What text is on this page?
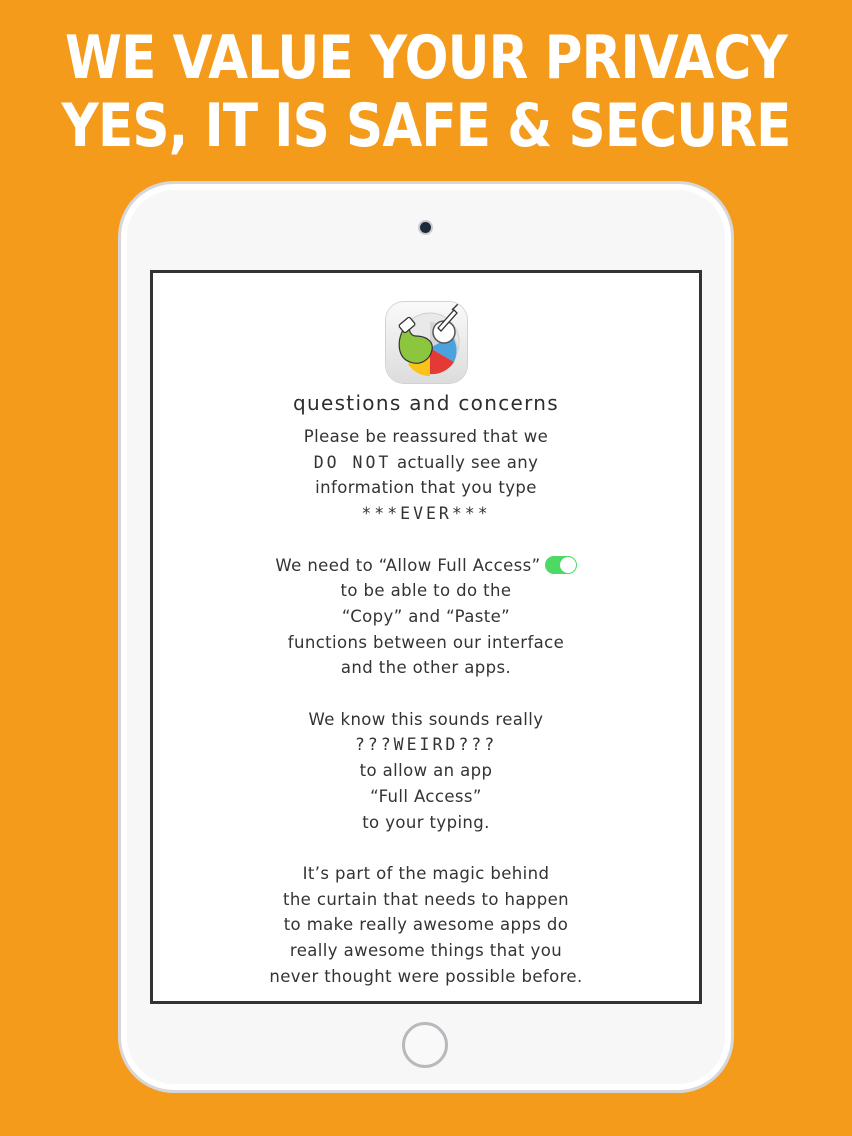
WE VALUE YOUR PRIVACY
YES, IT IS SAFE & SECURE
questions and concerns
Please be reassured that we
DO NOT actually see any
information that you type
***EVER***
We need to “Allow Full Access”
to be able to do the
“Copy” and “Paste”
functions between our interface
and the other apps.
We know this sounds really
???WEIRD???
to allow an app
“Full Access”
to your typing.
It’s part of the magic behind
the curtain that needs to happen
to make really awesome apps do
really awesome things that you
never thought were possible before.
